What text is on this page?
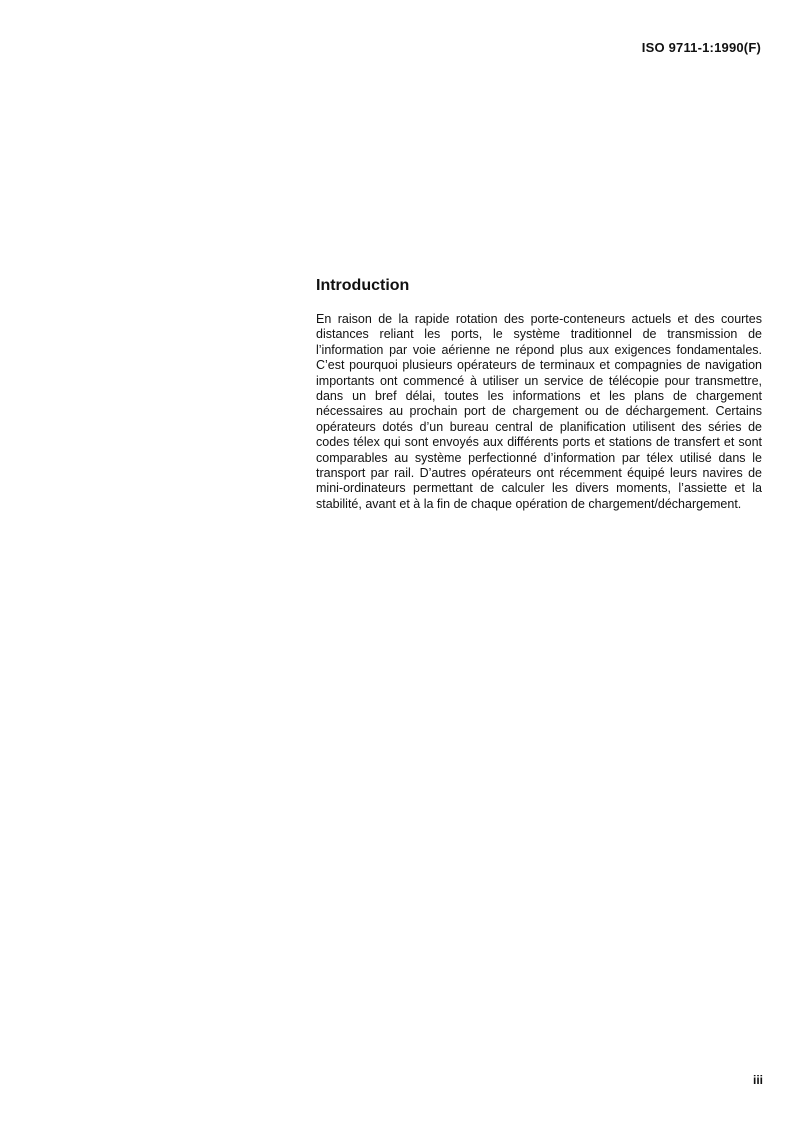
ISO 9711-1:1990(F)
Introduction

En raison de la rapide rotation des porte-conteneurs actuels et des courtes distances reliant les ports, le système traditionnel de transmission de l’information par voie aérienne ne répond plus aux exigences fondamentales. C’est pourquoi plusieurs opérateurs de terminaux et compagnies de navigation importants ont commencé à utiliser un service de télécopie pour transmettre, dans un bref délai, toutes les informations et les plans de chargement nécessaires au prochain port de chargement ou de déchargement. Certains opérateurs dotés d’un bureau central de planification utilisent des séries de codes télex qui sont envoyés aux différents ports et stations de transfert et sont comparables au système perfectionné d’information par télex utilisé dans le transport par rail. D’autres opérateurs ont récemment équipé leurs navires de mini-ordinateurs permettant de calculer les divers moments, l’assiette et la stabilité, avant et à la fin de chaque opération de chargement/déchargement.

iii
